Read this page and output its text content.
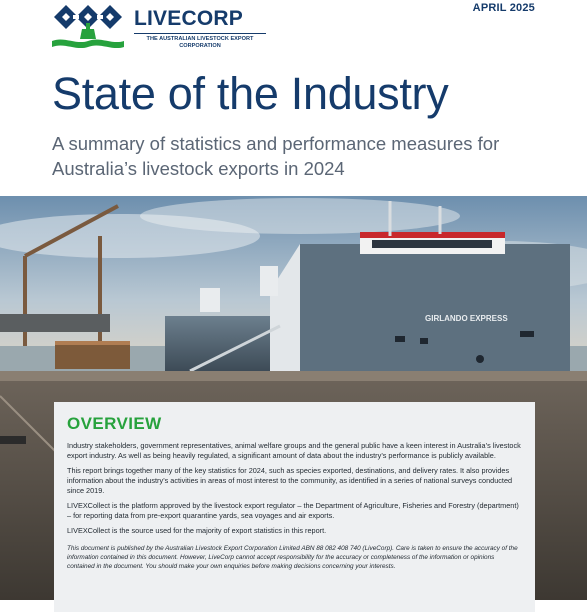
LIVECORP
THE AUSTRALIAN LIVESTOCK EXPORT CORPORATION
APRIL 2025
State of the Industry

A summary of statistics and performance measures for Australia’s livestock exports in 2024

GIRLANDO EXPRESS
OVERVIEW

Industry stakeholders, government representatives, animal welfare groups and the general public have a keen interest in Australia’s livestock export industry. As well as being heavily regulated, a significant amount of data about the industry’s performance is publicly available.

This report brings together many of the key statistics for 2024, such as species exported, destinations, and delivery rates. It also provides information about the industry’s activities in areas of most interest to the community, as identified in a series of national surveys conducted since 2019.

LIVEXCollect is the platform approved by the livestock export regulator – the Department of Agriculture, Fisheries and Forestry (department) – for reporting data from pre-export quarantine yards, sea voyages and air exports.

LIVEXCollect is the source used for the majority of export statistics in this report.

This document is published by the Australian Livestock Export Corporation Limited ABN 88 082 408 740 (LiveCorp). Care is taken to ensure the accuracy of the information contained in this document. However, LiveCorp cannot accept responsibility for the accuracy or completeness of the information or opinions contained in the document. You should make your own enquiries before making decisions concerning your interests.
